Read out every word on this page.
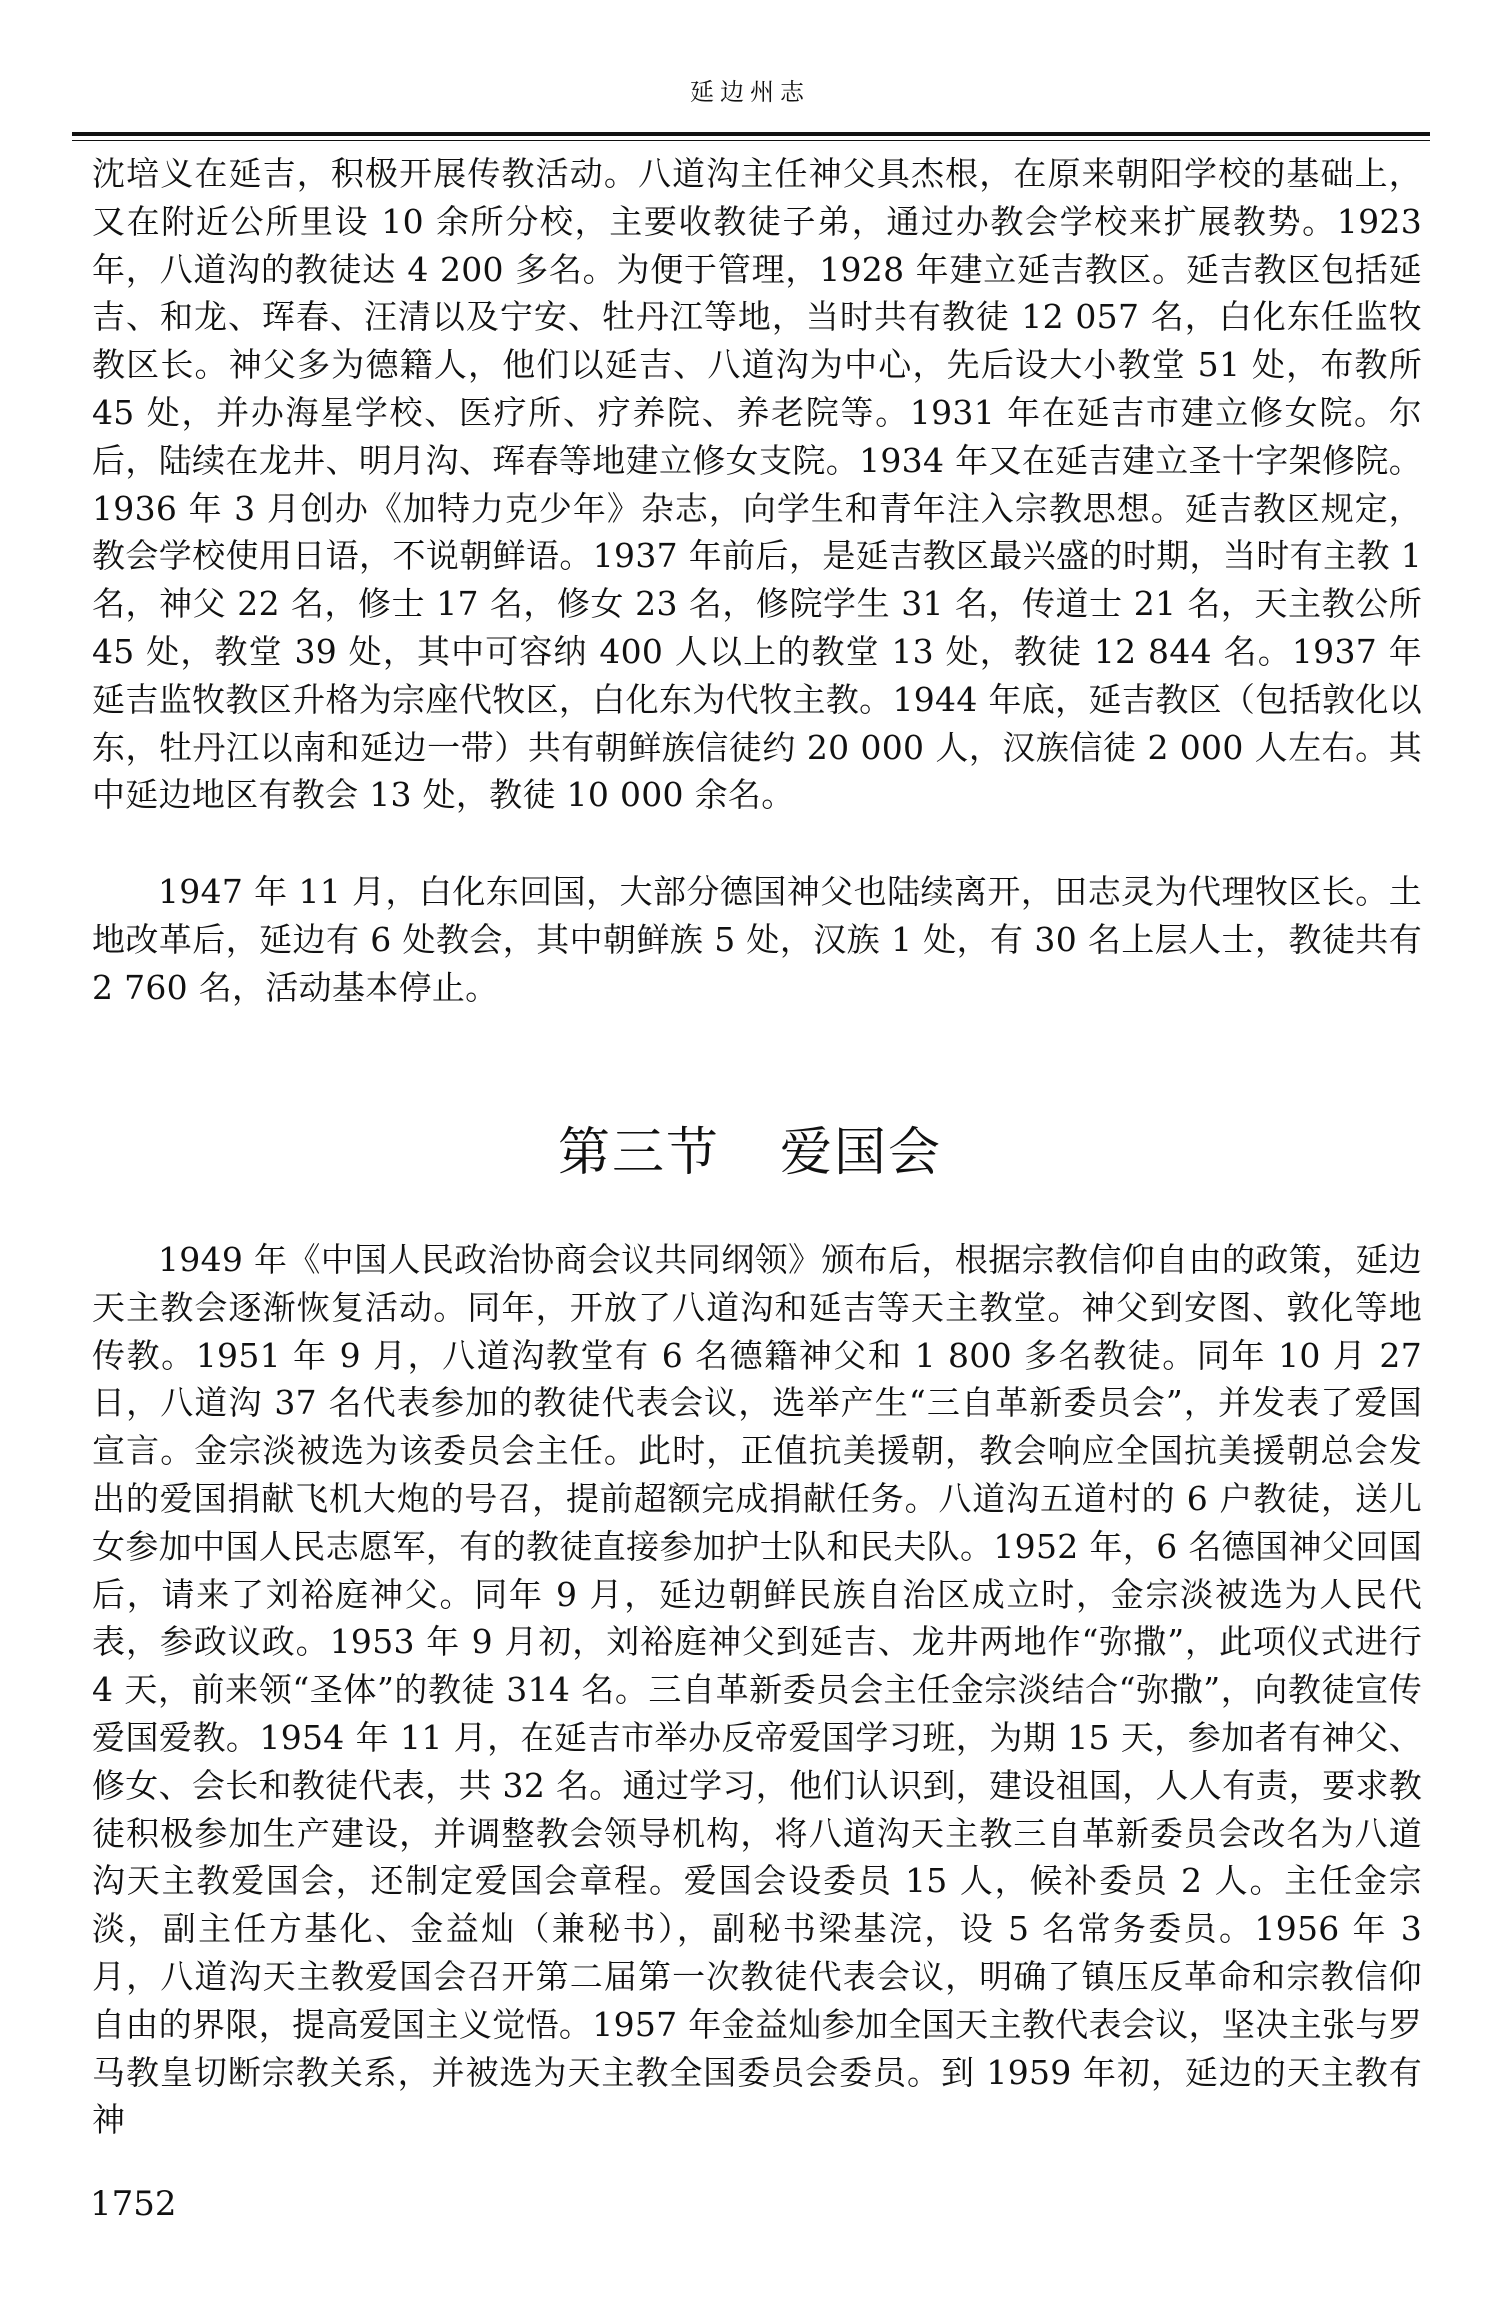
延边州志

沈培义在延吉，积极开展传教活动。八道沟主任神父具杰根，在原来朝阳学校的基础上，又在附近公所里设 10 余所分校，主要收教徒子弟，通过办教会学校来扩展教势。1923 年，八道沟的教徒达 4 200 多名。为便于管理，1928 年建立延吉教区。延吉教区包括延吉、和龙、珲春、汪清以及宁安、牡丹江等地，当时共有教徒 12 057 名，白化东任监牧教区长。神父多为德籍人，他们以延吉、八道沟为中心，先后设大小教堂 51 处，布教所 45 处，并办海星学校、医疗所、疗养院、养老院等。1931 年在延吉市建立修女院。尔后，陆续在龙井、明月沟、珲春等地建立修女支院。1934 年又在延吉建立圣十字架修院。1936 年 3 月创办《加特力克少年》杂志，向学生和青年注入宗教思想。延吉教区规定，教会学校使用日语，不说朝鲜语。1937 年前后，是延吉教区最兴盛的时期，当时有主教 1 名，神父 22 名，修士 17 名，修女 23 名，修院学生 31 名，传道士 21 名，天主教公所 45 处，教堂 39 处，其中可容纳 400 人以上的教堂 13 处，教徒 12 844 名。1937 年延吉监牧教区升格为宗座代牧区，白化东为代牧主教。1944 年底，延吉教区（包括敦化以东，牡丹江以南和延边一带）共有朝鲜族信徒约 20 000 人，汉族信徒 2 000 人左右。其中延边地区有教会 13 处，教徒 10 000 余名。

1947 年 11 月，白化东回国，大部分德国神父也陆续离开，田志灵为代理牧区长。土地改革后，延边有 6 处教会，其中朝鲜族 5 处，汉族 1 处，有 30 名上层人士，教徒共有 2 760 名，活动基本停止。

第三节 爱国会

1949 年《中国人民政治协商会议共同纲领》颁布后，根据宗教信仰自由的政策，延边天主教会逐渐恢复活动。同年，开放了八道沟和延吉等天主教堂。神父到安图、敦化等地传教。1951 年 9 月，八道沟教堂有 6 名德籍神父和 1 800 多名教徒。同年 10 月 27 日，八道沟 37 名代表参加的教徒代表会议，选举产生“三自革新委员会”，并发表了爱国宣言。金宗淡被选为该委员会主任。此时，正值抗美援朝，教会响应全国抗美援朝总会发出的爱国捐献飞机大炮的号召，提前超额完成捐献任务。八道沟五道村的 6 户教徒，送儿女参加中国人民志愿军，有的教徒直接参加护士队和民夫队。1952 年，6 名德国神父回国后，请来了刘裕庭神父。同年 9 月，延边朝鲜民族自治区成立时，金宗淡被选为人民代表，参政议政。1953 年 9 月初，刘裕庭神父到延吉、龙井两地作“弥撒”，此项仪式进行 4 天，前来领“圣体”的教徒 314 名。三自革新委员会主任金宗淡结合“弥撒”，向教徒宣传爱国爱教。1954 年 11 月，在延吉市举办反帝爱国学习班，为期 15 天，参加者有神父、修女、会长和教徒代表，共 32 名。通过学习，他们认识到，建设祖国，人人有责，要求教徒积极参加生产建设，并调整教会领导机构，将八道沟天主教三自革新委员会改名为八道沟天主教爱国会，还制定爱国会章程。爱国会设委员 15 人，候补委员 2 人。主任金宗淡，副主任方基化、金益灿（兼秘书），副秘书梁基浣，设 5 名常务委员。1956 年 3 月，八道沟天主教爱国会召开第二届第一次教徒代表会议，明确了镇压反革命和宗教信仰自由的界限，提高爱国主义觉悟。1957 年金益灿参加全国天主教代表会议，坚决主张与罗马教皇切断宗教关系，并被选为天主教全国委员会委员。到 1959 年初，延边的天主教有神

1752
